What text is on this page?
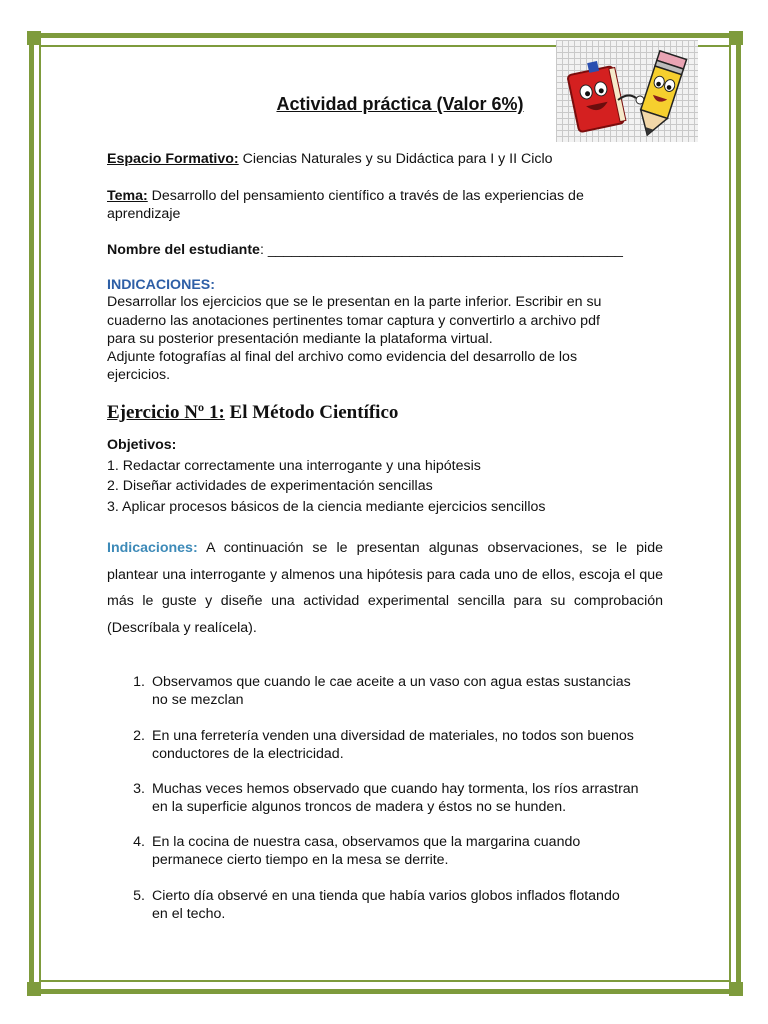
Actividad práctica (Valor 6%)
Espacio Formativo: Ciencias Naturales y su Didáctica para I y II Ciclo
Tema: Desarrollo del pensamiento científico a través de las experiencias de
aprendizaje
Nombre del estudiante: _____________________________________________
INDICACIONES:
Desarrollar los ejercicios que se le presentan en la parte inferior. Escribir en su
cuaderno las anotaciones pertinentes tomar captura y convertirlo a archivo pdf
para su posterior presentación mediante la plataforma virtual.
Adjunte fotografías al final del archivo como evidencia del desarrollo de los
ejercicios.
Ejercicio Nº 1: El Método Científico
Objetivos:
1. Redactar correctamente una interrogante y una hipótesis
2. Diseñar actividades de experimentación sencillas
3. Aplicar procesos básicos de la ciencia mediante ejercicios sencillos
Indicaciones: A continuación se le presentan algunas observaciones, se le pide plantear una interrogante y almenos una hipótesis para cada uno de ellos, escoja el que más le guste y diseñe una actividad experimental sencilla para su comprobación (Descríbala y realícela).
1. Observamos que cuando le cae aceite a un vaso con agua estas sustancias
no se mezclan
2. En una ferretería venden una diversidad de materiales, no todos son buenos
conductores de la electricidad.
3. Muchas veces hemos observado que cuando hay tormenta, los ríos arrastran
en la superficie algunos troncos de madera y éstos no se hunden.
4. En la cocina de nuestra casa, observamos que la margarina cuando
permanece cierto tiempo en la mesa se derrite.
5. Cierto día observé en una tienda que había varios globos inflados flotando
en el techo.
